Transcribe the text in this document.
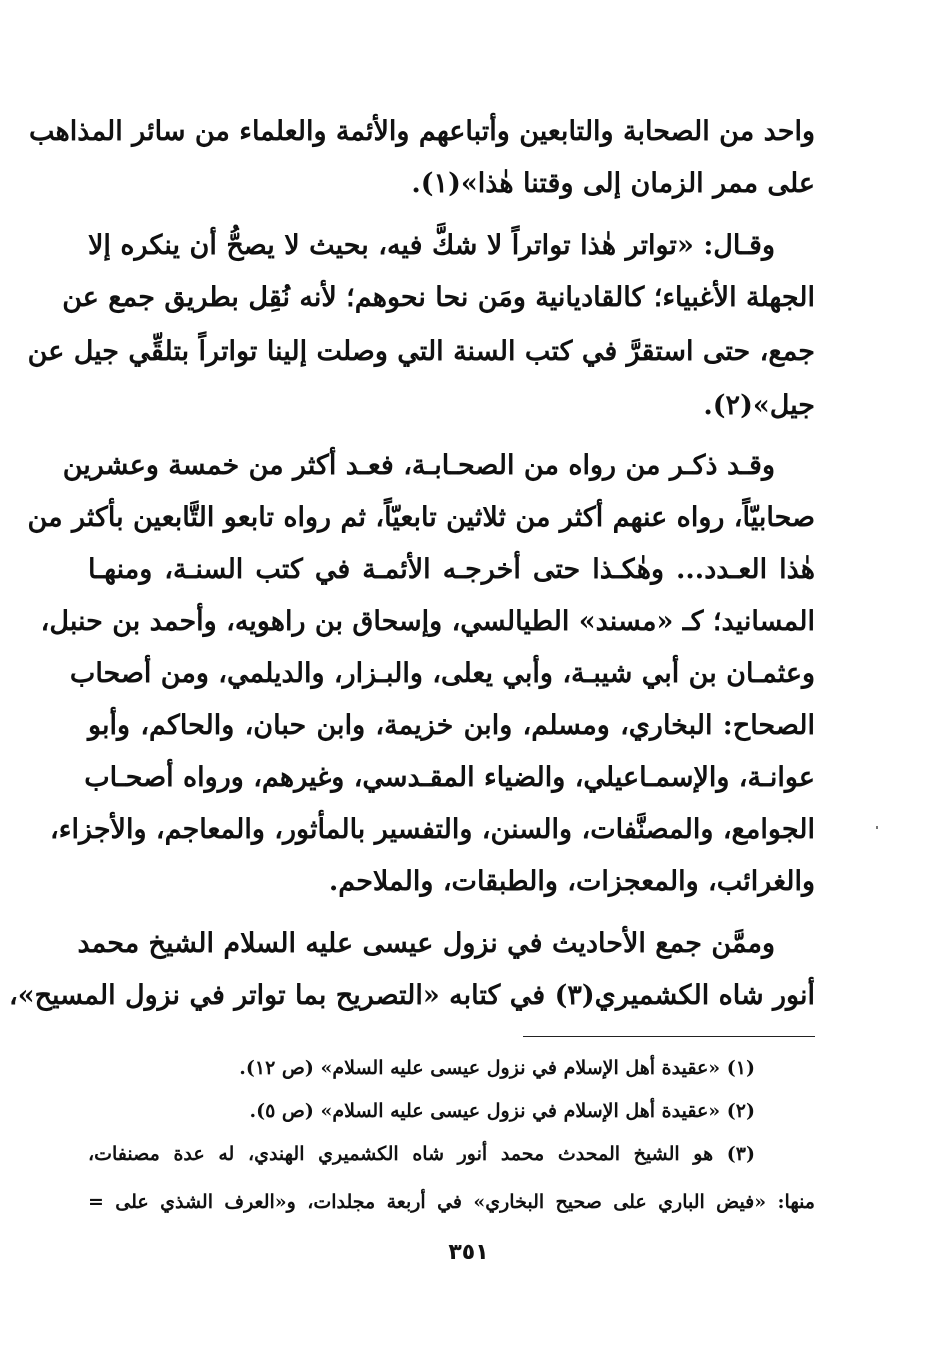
واحد من الصحابة والتابعين وأتباعهم والأئمة والعلماء من سائر المذاهب

على ممر الزمان إلى وقتنا هٰذا»(١).

وقـال: «تواتر هٰذا تواتراً لا شكَّ فيه، بحيث لا يصحُّ أن ينكره إلا

الجهلة الأغبياء؛ كالقاديانية ومَن نحا نحوهم؛ لأنه نُقِل بطريق جمع عن

جمع، حتى استقرَّ في كتب السنة التي وصلت إلينا تواتراً بتلقِّي جيل عن

جيل»(٢).

وقـد ذكـر من رواه من الصحـابـة، فعـد أكثر من خمسة وعشرين

صحابيّاً، رواه عنهم أكثر من ثلاثين تابعيّاً، ثم رواه تابعو التَّابعين بأكثر من

هٰذا العـدد... وهٰكـذا حتى أخرجـه الأئمـة في كتب السنـة، ومنهـا

المسانيد؛ كـ «مسند» الطيالسي، وإسحاق بن راهويه، وأحمد بن حنبل،

وعثمـان بن أبي شيبـة، وأبي يعلى، والبـزار، والديلمي، ومن أصحاب

الصحاح: البخاري، ومسلم، وابن خزيمة، وابن حبان، والحاكم، وأبو

عوانـة، والإسمـاعيلي، والضياء المقـدسي، وغيرهم، ورواه أصحـاب

الجوامع، والمصنَّفات، والسنن، والتفسير بالمأثور، والمعاجم، والأجزاء،

والغرائب، والمعجزات، والطبقات، والملاحم.

وممَّن جمع الأحاديث في نزول عيسى عليه السلام الشيخ محمد

أنور شاه الكشميري(٣) في كتابه «التصريح بما تواتر في نزول المسيح»،

(١) «عقيدة أهل الإسلام في نزول عيسى عليه السلام» (ص ١٢).

(٢) «عقيدة أهل الإسلام في نزول عيسى عليه السلام» (ص ٥).

(٣) هو الشيخ المحدث محمد أنور شاه الكشميري الهندي، له عدة مصنفات،

منها: «فيض الباري على صحيح البخاري» في أربعة مجلدات، و«العرف الشذي على =

٣٥١
